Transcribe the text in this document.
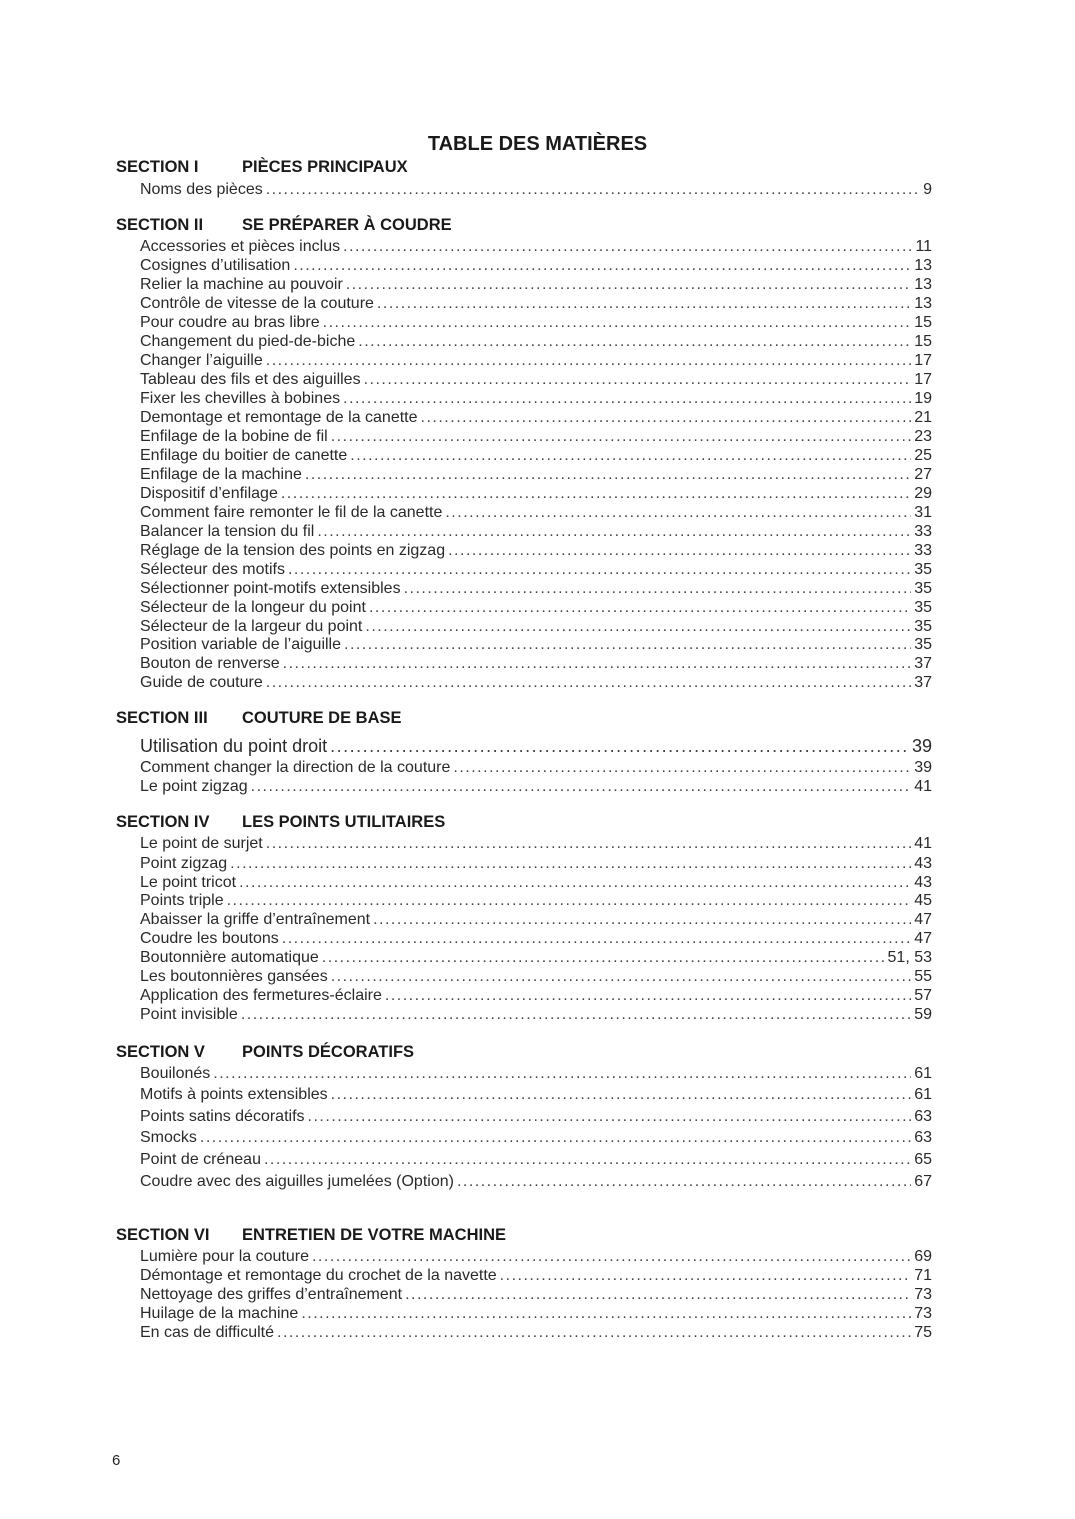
TABLE DES MATIÈRES
SECTION I	PIÈCES PRINCIPAUX
Noms des pièces .....	9
SECTION II SE PRÉPARER À COUDRE
Accessories et pièces inclus .....	11
Cosignes d’utilisation .....	13
Relier la machine au pouvoir .....	13
Contrôle de vitesse de la couture .....	13
Pour coudre au bras libre .....	15
Changement du pied-de-biche .....	15
Changer l’aiguille .....	17
Tableau des fils et des aiguilles .....	17
Fixer les chevilles à bobines .....	19
Demontage et remontage de la canette .....	21
Enfilage de la bobine de fil .....	23
Enfilage du boitier de canette .....	25
Enfilage de la machine .....	27
Dispositif d’enfilage .....	29
Comment faire remonter le fil de la canette .....	31
Balancer la tension du fil .....	33
Réglage de la tension des points en zigzag .....	33
Sélecteur des motifs .....	35
Sélectionner point-motifs extensibles .....	35
Sélecteur de la longeur du point .....	35
Sélecteur de la largeur du point .....	35
Position variable de l’aiguille .....	35
Bouton de renverse .....	37
Guide de couture .....	37
SECTION III COUTURE DE BASE
Utilisation du point droit .....	39
Comment changer la direction de la couture .....	39
Le point zigzag .....	41
SECTION IV LES POINTS UTILITAIRES
Le point de surjet .....	41
Point zigzag .....	43
Le point tricot .....	43
Points triple .....	45
Abaisser la griffe d’entraînement .....	47
Coudre les boutons .....	47
Boutonnière automatique .....	51, 53
Les boutonnières gansées .....	55
Application des fermetures-éclaire .....	57
Point invisible .....	59
SECTION V POINTS DÉCORATIFS
Bouilonés .....	61
Motifs à points extensibles .....	61
Points satins décoratifs .....	63
Smocks .....	63
Point de créneau .....	65
Coudre avec des aiguilles jumelées (Option) .....	67
SECTION VI ENTRETIEN DE VOTRE MACHINE
Lumière pour la couture .....	69
Démontage et remontage du crochet de la navette .....	71
Nettoyage des griffes d’entraînement .....	73
Huilage de la machine .....	73
En cas de difficulté .....	75
6
